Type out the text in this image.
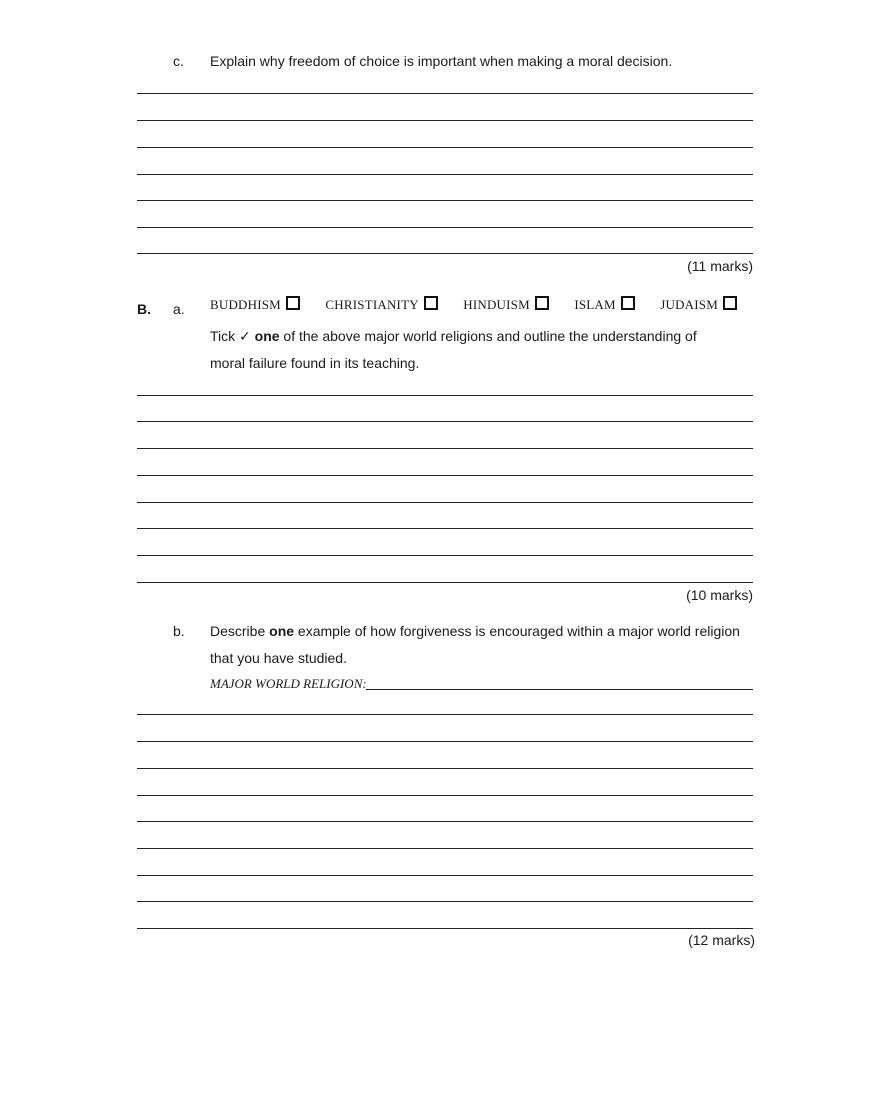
c. Explain why freedom of choice is important when making a moral decision.
(11 marks)
B. a. BUDDHISM	CHRISTIANITY	HINDUISM	ISLAM	JUDAISM
Tick ✓ one of the above major world religions and outline the understanding of
moral failure found in its teaching.
(10 marks)
b. Describe one example of how forgiveness is encouraged within a major world religion
that you have studied.
MAJOR WORLD RELIGION:
(12 marks)
